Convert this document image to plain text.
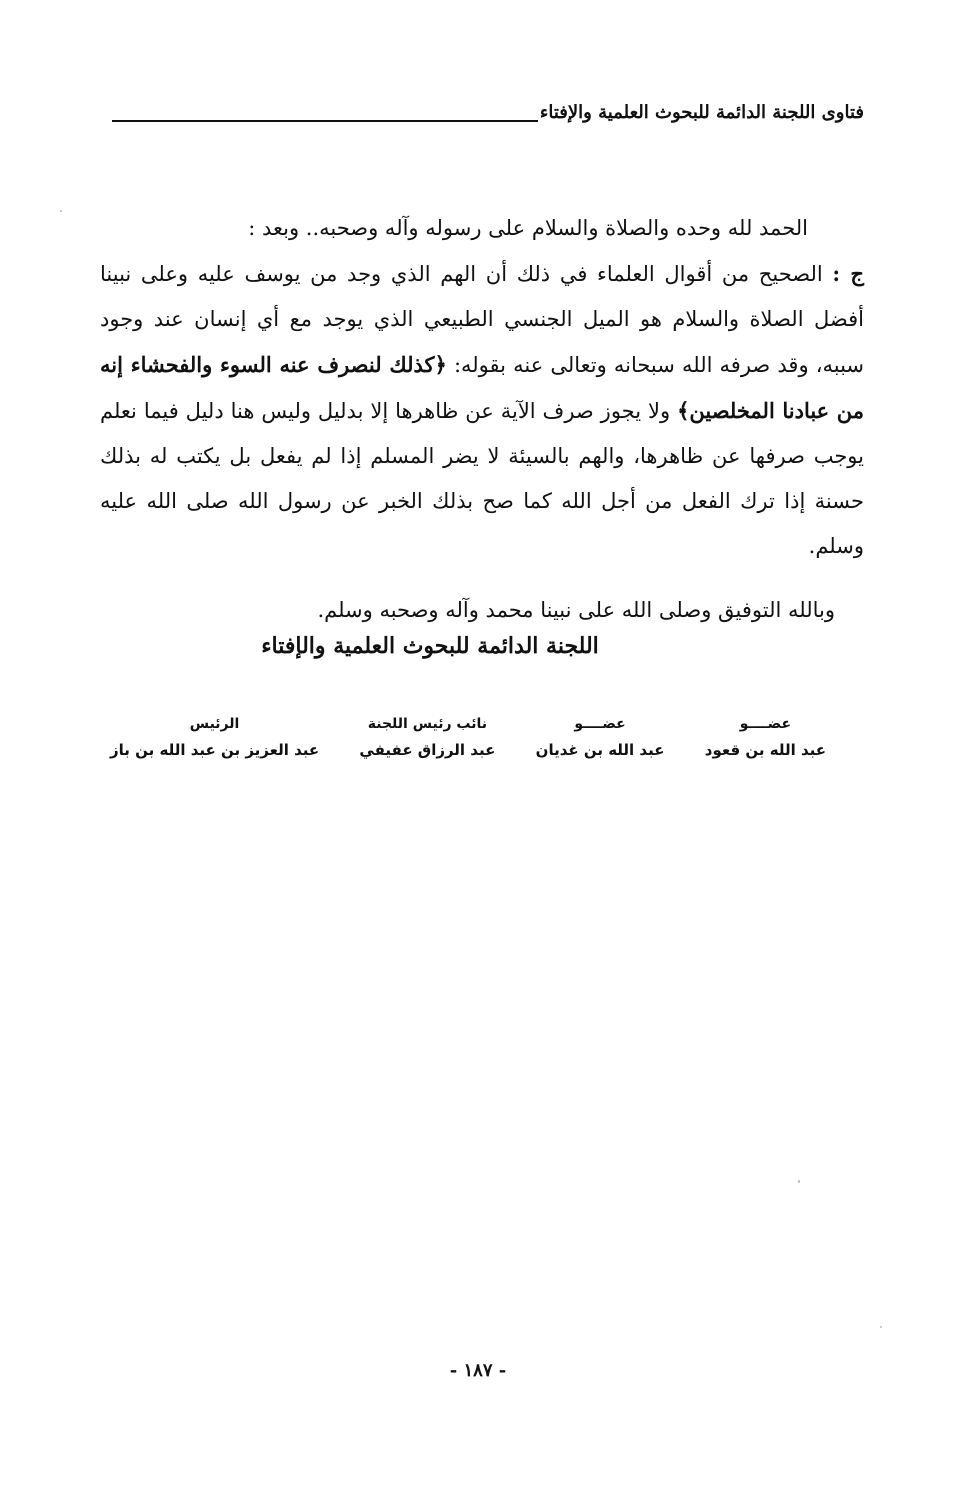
فتاوى اللجنة الدائمة للبحوث العلمية والإفتاء

الحمد لله وحده والصلاة والسلام على رسوله وآله وصحبه.. وبعد :

ج : الصحيح من أقوال العلماء في ذلك أن الهم الذي وجد من يوسف عليه وعلى نبينا أفضل الصلاة والسلام هو الميل الجنسي الطبيعي الذي يوجد مع أي إنسان عند وجود سببه، وقد صرفه الله سبحانه وتعالى عنه بقوله: ﴿كذلك لنصرف عنه السوء والفحشاء إنه من عبادنا المخلصين﴾ ولا يجوز صرف الآية عن ظاهرها إلا بدليل وليس هنا دليل فيما نعلم يوجب صرفها عن ظاهرها، والهم بالسيئة لا يضر المسلم إذا لم يفعل بل يكتب له بذلك حسنة إذا ترك الفعل من أجل الله كما صح بذلك الخبر عن رسول الله صلى الله عليه وسلم.

وبالله التوفيق وصلى الله على نبينا محمد وآله وصحبه وسلم.
اللجنة الدائمة للبحوث العلمية والإفتاء
عضــــو
عبد الله بن قعود
عضــــو
عبد الله بن غديان
نائب رئيس اللجنة
عبد الرزاق عفيفي
الرئيس
عبد العزيز بن عبد الله بن باز
- ١٨٧ -
